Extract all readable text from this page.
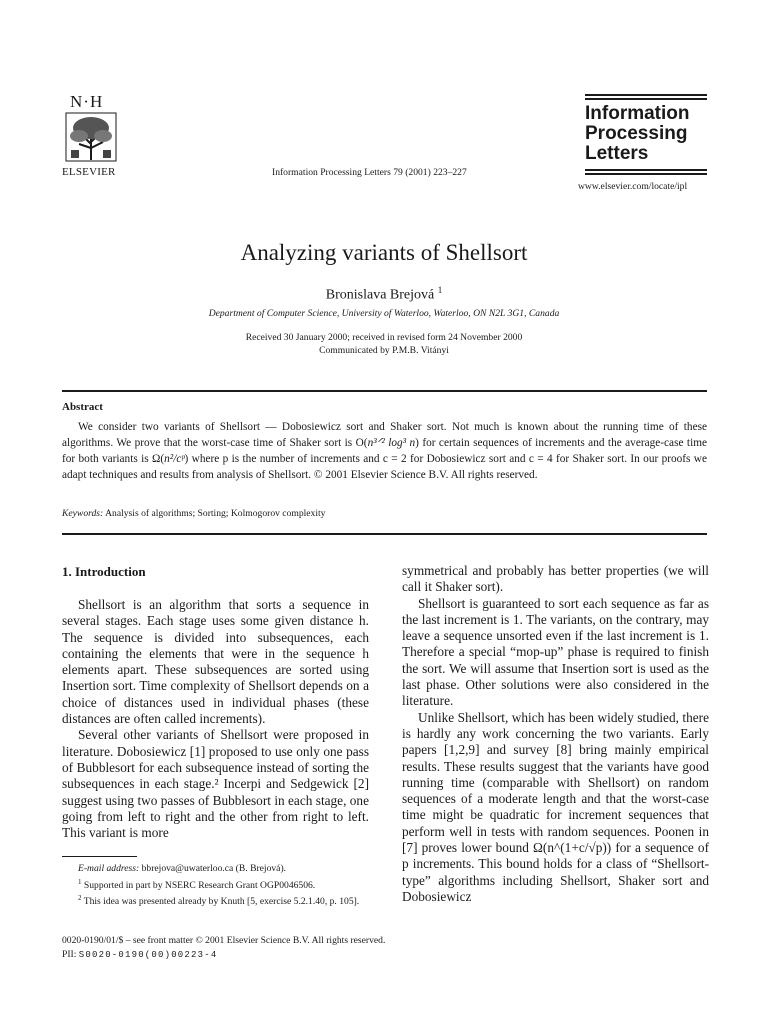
N·H
ELSEVIER	Information Processing Letters 79 (2001) 223–227
Information
Processing
Letters
www.elsevier.com/locate/ipl
Analyzing variants of Shellsort
Bronislava Brejová $^1$
Department of Computer Science, University of Waterloo, Waterloo, ON N2L 3G1, Canada
Received 30 January 2000; received in revised form 24 November 2000
Communicated by P.M.B. Vitányi
Abstract
We consider two variants of Shellsort — Dobosiewicz sort and Shaker sort. Not much is known about the running time of these algorithms. We prove that the worst-case time of Shaker sort is O(n³ᐟ² log³ n) for certain sequences of increments and the average-case time for both variants is Ω(n²/cᵖ) where p is the number of increments and c = 2 for Dobosiewicz sort and c = 4 for Shaker sort. In our proofs we adapt techniques and results from analysis of Shellsort. © 2001 Elsevier Science B.V. All rights reserved.
Keywords: Analysis of algorithms; Sorting; Kolmogorov complexity
1. Introduction

Shellsort is an algorithm that sorts a sequence in several stages. Each stage uses some given distance h. The sequence is divided into subsequences, each containing the elements that were in the sequence h elements apart. These subsequences are sorted using Insertion sort. Time complexity of Shellsort depends on a choice of distances used in individual phases (these distances are often called increments).

Several other variants of Shellsort were proposed in literature. Dobosiewicz [1] proposed to use only one pass of Bubblesort for each subsequence instead of sorting the subsequences in each stage.² Incerpi and Sedgewick [2] suggest using two passes of Bubblesort in each stage, one going from left to right and the other from right to left. This variant is more

E-mail address: bbrejova@uwaterloo.ca (B. Brejová).

$^1$ Supported in part by NSERC Research Grant OGP0046506.

$^2$ This idea was presented already by Knuth [5, exercise 5.2.1.40, p. 105].

symmetrical and probably has better properties (we will call it Shaker sort).

Shellsort is guaranteed to sort each sequence as far as the last increment is 1. The variants, on the contrary, may leave a sequence unsorted even if the last increment is 1. Therefore a special “mop-up” phase is required to finish the sort. We will assume that Insertion sort is used as the last phase. Other solutions were also considered in the literature.

Unlike Shellsort, which has been widely studied, there is hardly any work concerning the two variants. Early papers [1,2,9] and survey [8] bring mainly empirical results. These results suggest that the variants have good running time (comparable with Shellsort) on random sequences of a moderate length and that the worst-case time might be quadratic for increment sequences that perform well in tests with random sequences. Poonen in [7] proves lower bound Ω(n^(1+c/√p)) for a sequence of p increments. This bound holds for a class of “Shellsort-type” algorithms including Shellsort, Shaker sort and Dobosiewicz

0020-0190/01/$ – see front matter © 2001 Elsevier Science B.V. All rights reserved.
PII: S0020-0190(00)00223-4
